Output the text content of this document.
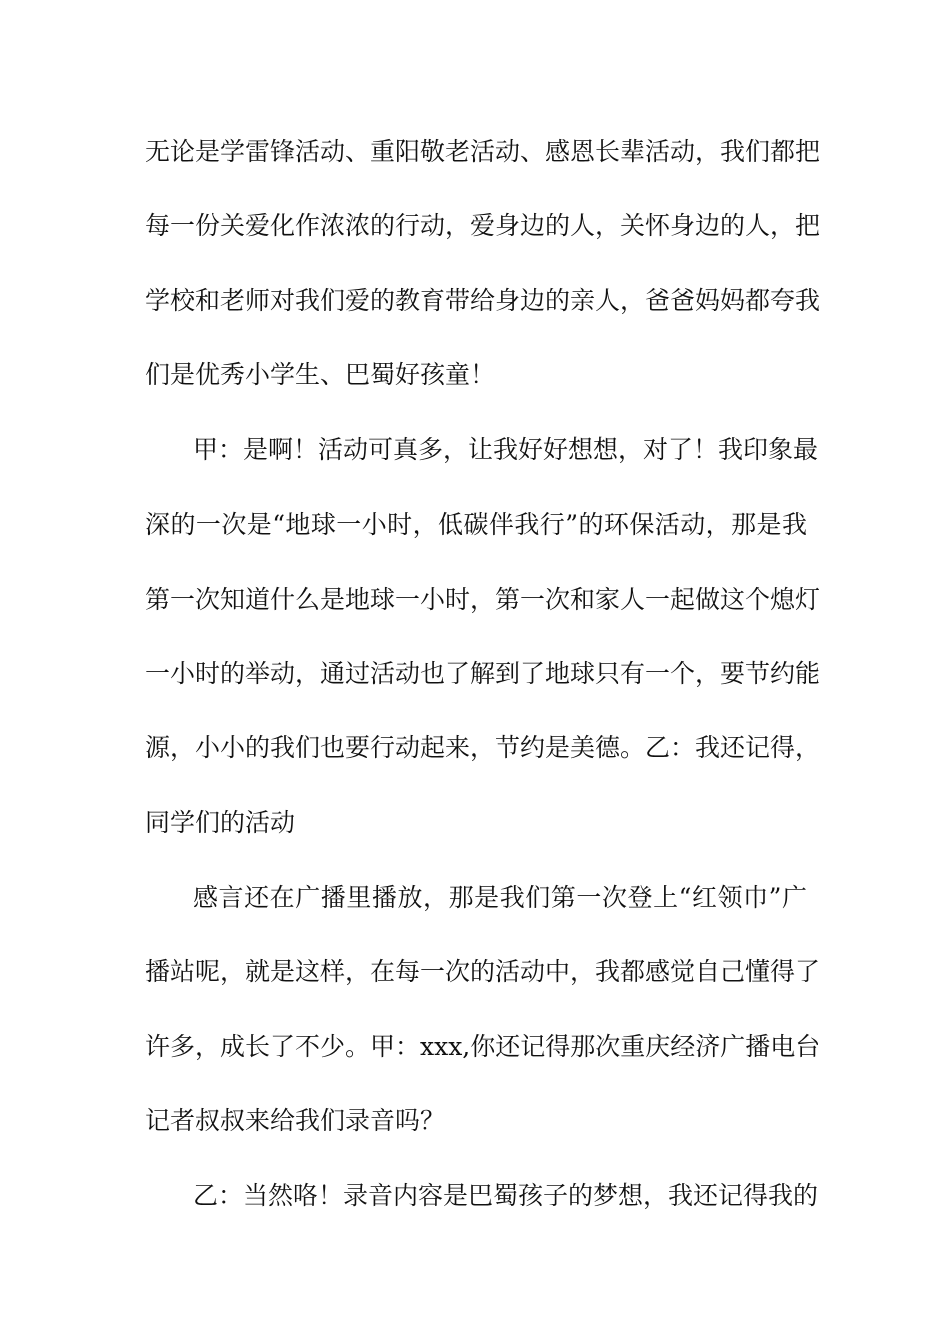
无论是学雷锋活动、重阳敬老活动、感恩长辈活动，我们都把
每一份关爱化作浓浓的行动，爱身边的人，关怀身边的人，把
学校和老师对我们爱的教育带给身边的亲人，爸爸妈妈都夸我
们是优秀小学生、巴蜀好孩童！
甲：是啊！活动可真多，让我好好想想，对了！我印象最
深的一次是“地球一小时，低碳伴我行”的环保活动，那是我
第一次知道什么是地球一小时，第一次和家人一起做这个熄灯
一小时的举动，通过活动也了解到了地球只有一个，要节约能
源，小小的我们也要行动起来，节约是美德。乙：我还记得，
同学们的活动
感言还在广播里播放，那是我们第一次登上“红领巾”广
播站呢，就是这样，在每一次的活动中，我都感觉自己懂得了
许多，成长了不少。甲：xxx,你还记得那次重庆经济广播电台
记者叔叔来给我们录音吗？
乙：当然咯！录音内容是巴蜀孩子的梦想，我还记得我的
